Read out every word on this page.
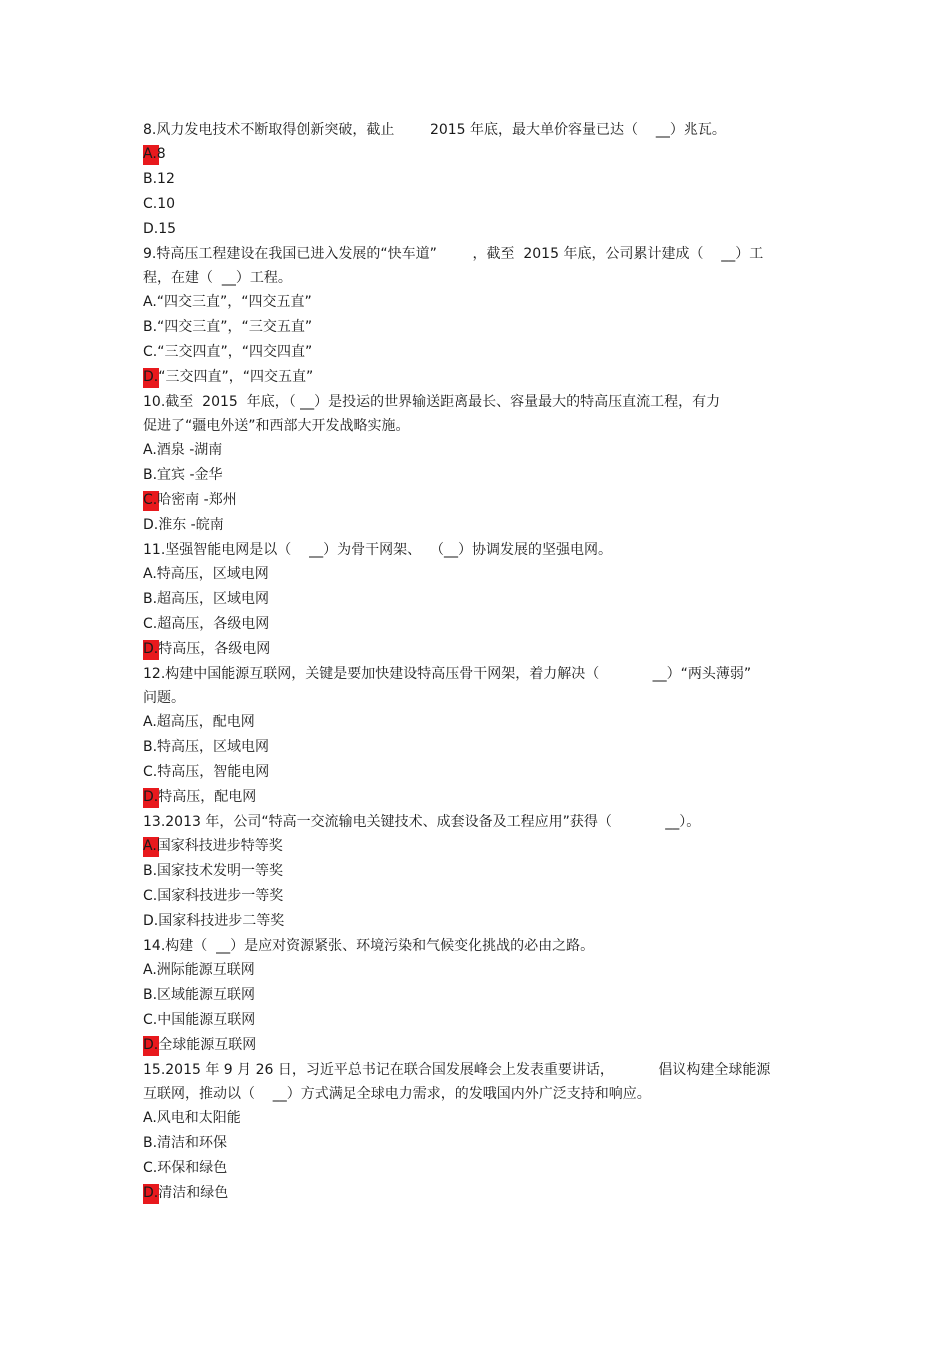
8.风力发电技术不断取得创新突破，截止        2015 年底，最大单价容量已达（    __）兆瓦。

A.8
B.12
C.10
D.15

9.特高压工程建设在我国已进入发展的“快车道”        ，截至  2015 年底，公司累计建成（    __）工
程，在建（  __）工程。

A.“四交三直”，“四交五直”
B.“四交三直”，“三交五直”
C.“三交四直”，“四交四直”
D.“三交四直”，“四交五直”

10.截至  2015  年底，（ __）是投运的世界输送距离最长、容量最大的特高压直流工程，有力
促进了“疆电外送”和西部大开发战略实施。

A.酒泉 -湖南
B.宜宾 -金华
C.哈密南 -郑州
D.淮东 -皖南

11.坚强智能电网是以（    __）为骨干网架、  （__）协调发展的坚强电网。

A.特高压，区域电网
B.超高压，区域电网
C.超高压，各级电网
D.特高压，各级电网

12.构建中国能源互联网，关键是要加快建设特高压骨干网架，着力解决（            __）“两头薄弱”
问题。

A.超高压，配电网
B.特高压，区域电网
C.特高压，智能电网
D.特高压，配电网

13.2013 年，公司“特高一交流输电关键技术、成套设备及工程应用”获得（            __）。

A.国家科技进步特等奖
B.国家技术发明一等奖
C.国家科技进步一等奖
D.国家科技进步二等奖

14.构建（  __）是应对资源紧张、环境污染和气候变化挑战的必由之路。

A.洲际能源互联网
B.区域能源互联网
C.中国能源互联网
D.全球能源互联网

15.2015 年 9 月 26 日，习近平总书记在联合国发展峰会上发表重要讲话，          倡议构建全球能源
互联网，推动以（    __）方式满足全球电力需求，的发哦国内外广泛支持和响应。

A.风电和太阳能
B.清洁和环保
C.环保和绿色
D.清洁和绿色
